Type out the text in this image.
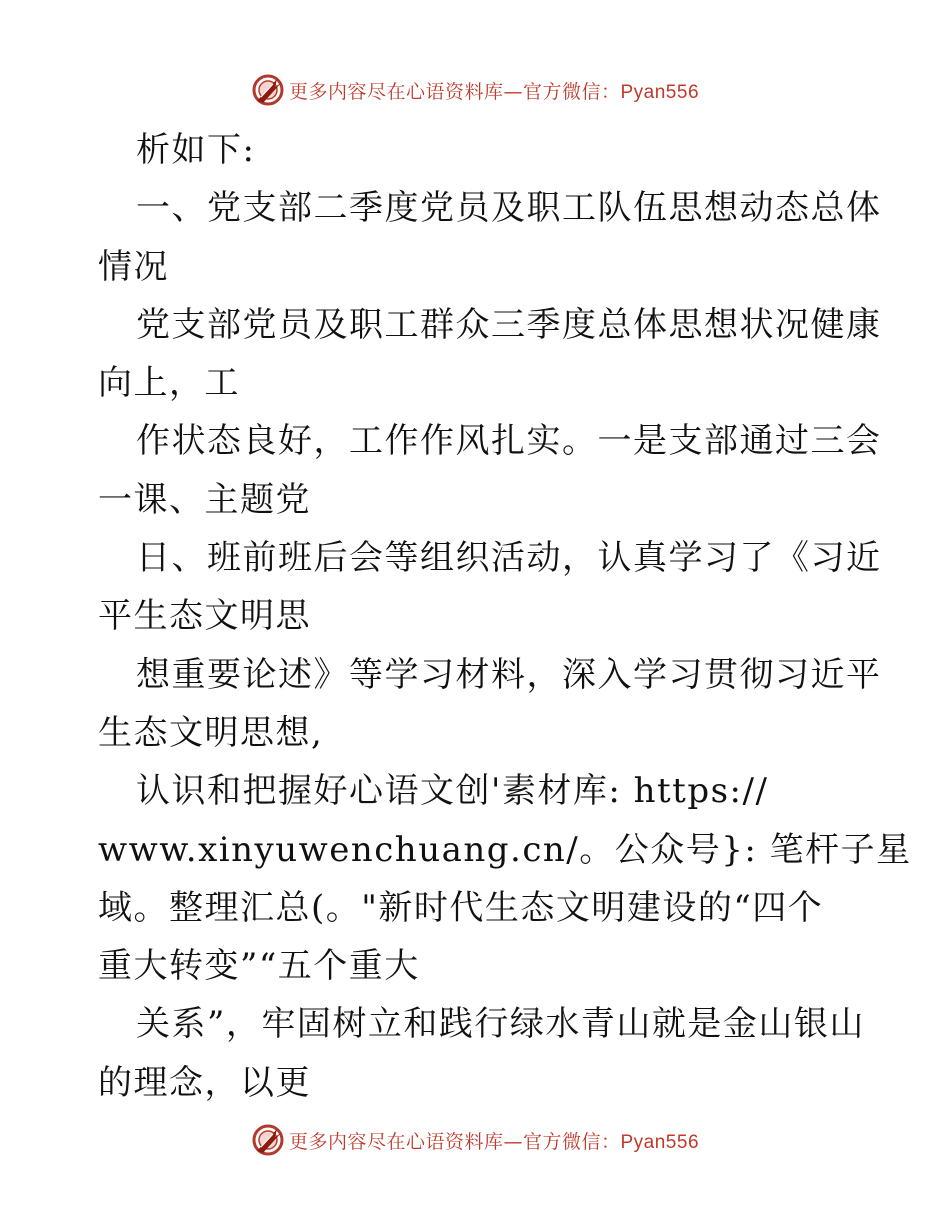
更多内容尽在心语资料库—官方微信：Pyan556
析如下:
一、党支部二季度党员及职工队伍思想动态总体
情况
党支部党员及职工群众三季度总体思想状况健康
向上，工
作状态良好，工作作风扎实。一是支部通过三会
一课、主题党
日、班前班后会等组织活动，认真学习了《习近
平生态文明思
想重要论述》等学习材料，深入学习贯彻习近平
生态文明思想,
认识和把握好心语文创'素材库: https://
www.xinyuwenchuang.cn/。公众号}: 笔杆子星
域。整理汇总(。"新时代生态文明建设的“四个
重大转变”“五个重大
关系”，牢固树立和践行绿水青山就是金山银山
的理念，以更
更多内容尽在心语资料库—官方微信：Pyan556
